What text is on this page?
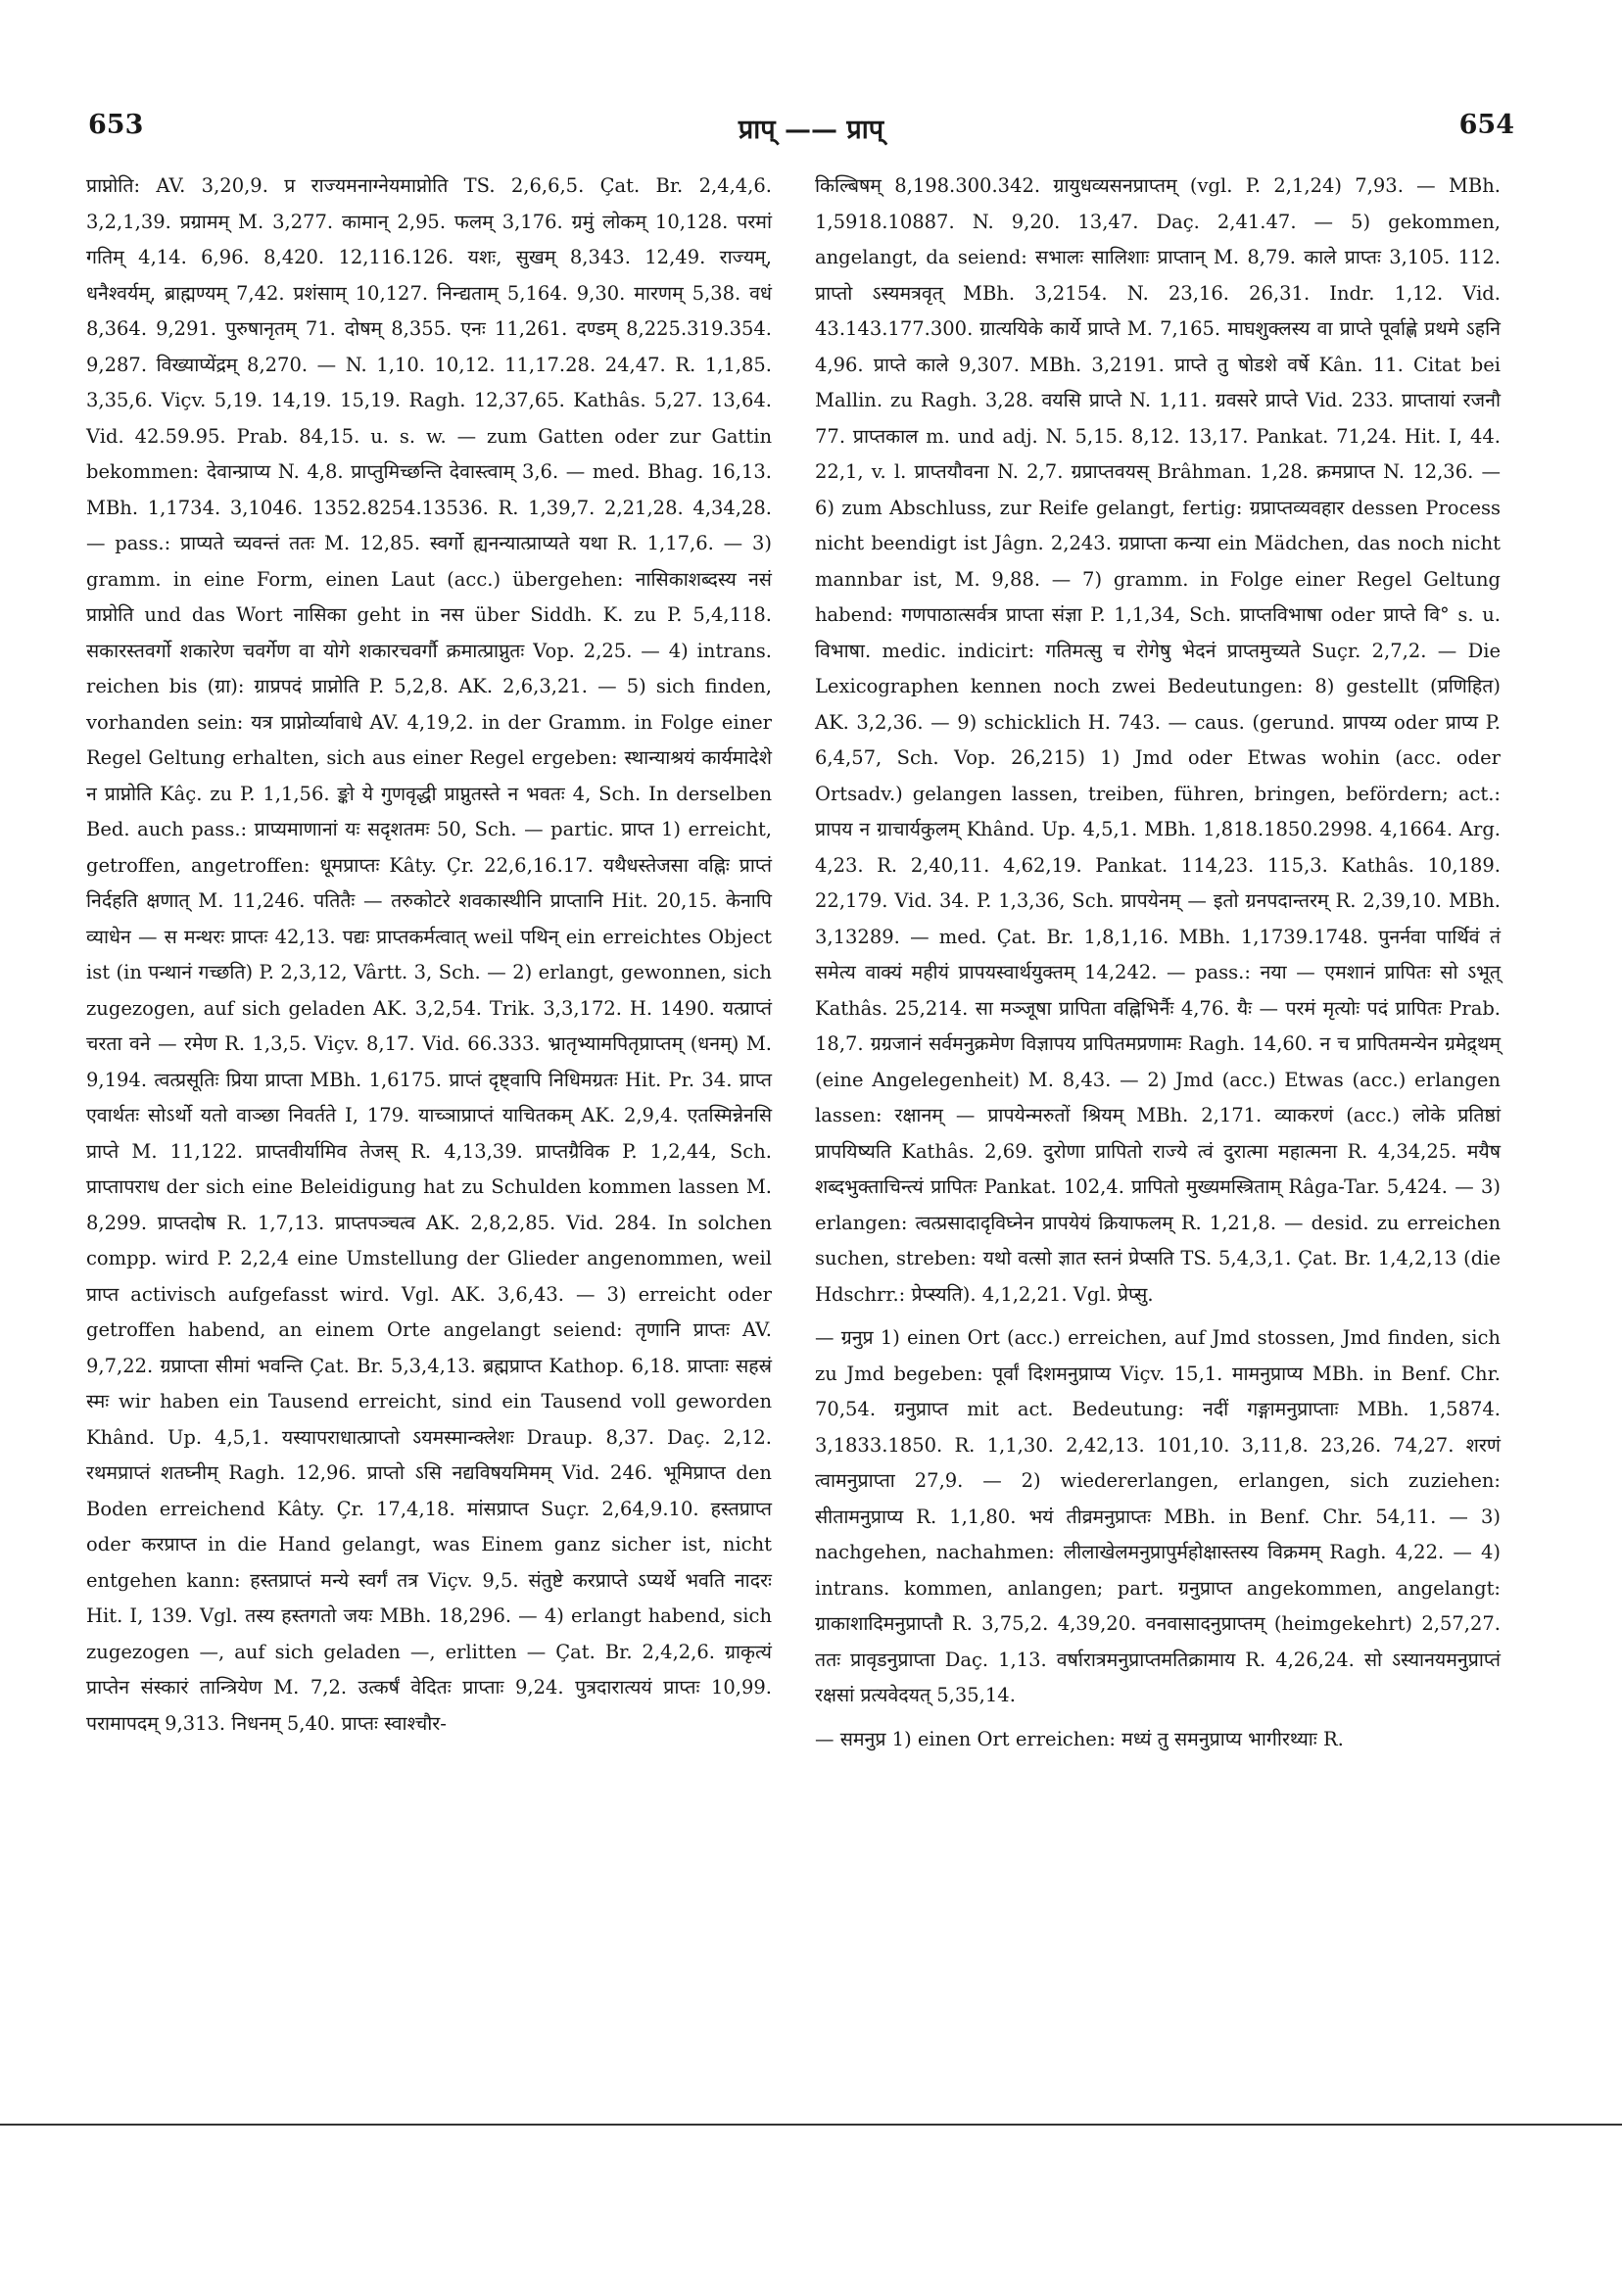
653	प्राप् —— प्राप्	654

प्राप्नोति: AV. 3,20,9. प्र राज्यमनाग्नेयमाप्नोति TS. 2,6,6,5. Çat. Br. 2,4,4,6. 3,2,1,39. प्रग्रामम् M. 3,277. कामान् 2,95. फलम् 3,176. ग्रमुं लोकम् 10,128. परमां गतिम् 4,14. 6,96. 8,420. 12,116.126. यशः, सुखम् 8,343. 12,49. राज्यम्, धनैश्वर्यम्, ब्राह्मण्यम् 7,42. प्रशंसाम् 10,127. निन्द्यताम् 5,164. 9,30. मारणम् 5,38. वधं 8,364. 9,291. पुरुषानृतम् 71. दोषम् 8,355. एनः 11,261. दण्डम् 8,225.319.354. 9,287. विख्याप्येंद्रम् 8,270. — N. 1,10. 10,12. 11,17.28. 24,47. R. 1,1,85. 3,35,6. Viçv. 5,19. 14,19. 15,19. Ragh. 12,37,65. Kathâs. 5,27. 13,64. Vid. 42.59.95. Prab. 84,15. u. s. w. — zum Gatten oder zur Gattin bekommen: देवान्प्राप्य N. 4,8. प्राप्तुमिच्छन्ति देवास्त्वाम् 3,6. — med. Bhag. 16,13. MBh. 1,1734. 3,1046. 1352.8254.13536. R. 1,39,7. 2,21,28. 4,34,28. — pass.: प्राप्यते च्यवन्तं ततः M. 12,85. स्वर्गो ह्यनन्यात्प्राप्यते यथा R. 1,17,6. — 3) gramm. in eine Form, einen Laut (acc.) übergehen: नासिकाशब्दस्य नसं प्राप्नोति und das Wort नासिका geht in नस über Siddh. K. zu P. 5,4,118. सकारस्तवर्गो शकारेण चवर्गेण वा योगे शकारचवर्गौ क्रमात्प्राप्नुतः Vop. 2,25. — 4) intrans. reichen bis (ग्रा): ग्राप्रपदं प्राप्नोति P. 5,2,8. AK. 2,6,3,21. — 5) sich finden, vorhanden sein: यत्र प्राप्नोर्व्यावाधे AV. 4,19,2. in der Gramm. in Folge einer Regel Geltung erhalten, sich aus einer Regel ergeben: स्थान्याश्रयं कार्यमादेशे न प्राप्नोति Kâç. zu P. 1,1,56. ङ्को ये गुणवृद्धी प्राप्नुतस्ते न भवतः 4, Sch. In derselben Bed. auch pass.: प्राप्यमाणानां यः सदृशतमः 50, Sch. — partic. प्राप्त 1) erreicht, getroffen, angetroffen: धूमप्राप्तः Kâty. Çr. 22,6,16.17. यथैधस्तेजसा वह्निः प्राप्तं निर्दहति क्षणात् M. 11,246. पतितैः — तरुकोटरे शवकास्थीनि प्राप्तानि Hit. 20,15. केनापि व्याधेन — स मन्थरः प्राप्तः 42,13. पद्यः प्राप्तकर्मत्वात् weil पथिन् ein erreichtes Object ist (in पन्थानं गच्छति) P. 2,3,12, Vârtt. 3, Sch. — 2) erlangt, gewonnen, sich zugezogen, auf sich geladen AK. 3,2,54. Trik. 3,3,172. H. 1490. यत्प्राप्तं चरता वने — रमेण R. 1,3,5. Viçv. 8,17. Vid. 66.333. भ्रातृभ्यामपितृप्राप्तम् (धनम्) M. 9,194. त्वत्प्रसूतिः प्रिया प्राप्ता MBh. 1,6175. प्राप्तं दृष्ट्वापि निधिमग्रतः Hit. Pr. 34. प्राप्त एवार्थतः सोऽर्थो यतो वाञ्छा निवर्तते I, 179. याच्ञाप्राप्तं याचितकम् AK. 2,9,4. एतस्मिन्नेनसि प्राप्ते M. 11,122. प्राप्तवीर्यामिव तेजस् R. 4,13,39. प्राप्तग्रैविक P. 1,2,44, Sch. प्राप्तापराध der sich eine Beleidigung hat zu Schulden kommen lassen M. 8,299. प्राप्तदोष R. 1,7,13. प्राप्तपञ्चत्व AK. 2,8,2,85. Vid. 284. In solchen compp. wird P. 2,2,4 eine Umstellung der Glieder angenommen, weil प्राप्त activisch aufgefasst wird. Vgl. AK. 3,6,43. — 3) erreicht oder getroffen habend, an einem Orte angelangt seiend: तृणानि प्राप्तः AV. 9,7,22. ग्रप्राप्ता सीमां भवन्ति Çat. Br. 5,3,4,13. ब्रह्मप्राप्त Kathop. 6,18. प्राप्ताः सहस्रं स्मः wir haben ein Tausend erreicht, sind ein Tausend voll geworden Khând. Up. 4,5,1. यस्यापराधात्प्राप्तो ऽयमस्मान्क्लेशः Draup. 8,37. Daç. 2,12. रथमप्राप्तं शतघ्नीम् Ragh. 12,96. प्राप्तो ऽसि नद्यविषयमिमम् Vid. 246. भूमिप्राप्त den Boden erreichend Kâty. Çr. 17,4,18. मांसप्राप्त Suçr. 2,64,9.10. हस्तप्राप्त oder करप्राप्त in die Hand gelangt, was Einem ganz sicher ist, nicht entgehen kann: हस्तप्राप्तं मन्ये स्वर्गं तत्र Viçv. 9,5. संतुष्टे करप्राप्ते ऽप्यर्थे भवति नादरः Hit. I, 139. Vgl. तस्य हस्तगतो जयः MBh. 18,296. — 4) erlangt habend, sich zugezogen —, auf sich geladen —, erlitten — Çat. Br. 2,4,2,6. ग्राकृत्यं प्राप्तेन संस्कारं तान्त्रियेण M. 7,2. उत्कर्षं वेदितः प्राप्ताः 9,24. पुत्रदारात्ययं प्राप्तः 10,99. परामापदम् 9,313. निधनम् 5,40. प्राप्तः स्वाश्चौर-

किल्बिषम् 8,198.300.342. ग्रायुधव्यसनप्राप्तम् (vgl. P. 2,1,24) 7,93. — MBh. 1,5918.10887. N. 9,20. 13,47. Daç. 2,41.47. — 5) gekommen, angelangt, da seiend: सभालः सालिशाः प्राप्तान् M. 8,79. काले प्राप्तः 3,105. 112. प्राप्तो ऽस्यमत्रवृत् MBh. 3,2154. N. 23,16. 26,31. Indr. 1,12. Vid. 43.143.177.300. ग्रात्ययिके कार्ये प्राप्ते M. 7,165. माघशुक्लस्य वा प्राप्ते पूर्वाह्णे प्रथमे ऽहनि 4,96. प्राप्ते काले 9,307. MBh. 3,2191. प्राप्ते तु षोडशे वर्षे Kân. 11. Citat bei Mallin. zu Ragh. 3,28. वयसि प्राप्ते N. 1,11. ग्रवसरे प्राप्ते Vid. 233. प्राप्तायां रजनौ 77. प्राप्तकाल m. und adj. N. 5,15. 8,12. 13,17. Pankat. 71,24. Hit. I, 44. 22,1, v. l. प्राप्तयौवना N. 2,7. ग्रप्राप्तवयस् Brâhman. 1,28. क्रमप्राप्त N. 12,36. — 6) zum Abschluss, zur Reife gelangt, fertig: ग्रप्राप्तव्यवहार dessen Process nicht beendigt ist Jâgn. 2,243. ग्रप्राप्ता कन्या ein Mädchen, das noch nicht mannbar ist, M. 9,88. — 7) gramm. in Folge einer Regel Geltung habend: गणपाठात्सर्वत्र प्राप्ता संज्ञा P. 1,1,34, Sch. प्राप्तविभाषा oder प्राप्ते वि° s. u. विभाषा. medic. indicirt: गतिमत्सु च रोगेषु भेदनं प्राप्तमुच्यते Suçr. 2,7,2. — Die Lexicographen kennen noch zwei Bedeutungen: 8) gestellt (प्रणिहित) AK. 3,2,36. — 9) schicklich H. 743. — caus. (gerund. प्रापय्य oder प्राप्य P. 6,4,57, Sch. Vop. 26,215) 1) Jmd oder Etwas wohin (acc. oder Ortsadv.) gelangen lassen, treiben, führen, bringen, befördern; act.: प्रापय न ग्राचार्यकुलम् Khând. Up. 4,5,1. MBh. 1,818.1850.2998. 4,1664. Arg. 4,23. R. 2,40,11. 4,62,19. Pankat. 114,23. 115,3. Kathâs. 10,189. 22,179. Vid. 34. P. 1,3,36, Sch. प्रापयेनम् — इतो ग्रनपदान्तरम् R. 2,39,10. MBh. 3,13289. — med. Çat. Br. 1,8,1,16. MBh. 1,1739.1748. पुनर्नवा पार्थिवं तं समेत्य वाक्यं महीयं प्रापयस्वार्थयुक्तम् 14,242. — pass.: नया — एमशानं प्रापितः सो ऽभूत् Kathâs. 25,214. सा मञ्जूषा प्रापिता वह्निभिर्नैः 4,76. यैः — परमं मृत्योः पदं प्रापितः Prab. 18,7. ग्रग्रजानं सर्वमनुक्रमेण विज्ञापय प्रापितमप्रणामः Ragh. 14,60. न च प्रापितमन्येन ग्रमेद्र्थम् (eine Angelegenheit) M. 8,43. — 2) Jmd (acc.) Etwas (acc.) erlangen lassen: रक्षानम् — प्रापयेन्मरुतों श्रियम् MBh. 2,171. व्याकरणं (acc.) लोके प्रतिष्ठां प्रापयिष्यति Kathâs. 2,69. दुरोणा प्रापितो राज्ये त्वं दुरात्मा महात्मना R. 4,34,25. मयैष शब्दभुक्ताचिन्त्यं प्रापितः Pankat. 102,4. प्रापितो मुख्यमस्त्रिताम् Râga-Tar. 5,424. — 3) erlangen: त्वत्प्रसादादृविघ्नेन प्रापयेयं क्रियाफलम् R. 1,21,8. — desid. zu erreichen suchen, streben: यथो वत्सो ज्ञात स्तनं प्रेप्सति TS. 5,4,3,1. Çat. Br. 1,4,2,13 (die Hdschrr.: प्रेप्स्यति). 4,1,2,21. Vgl. प्रेप्सु.

— ग्रनुप्र 1) einen Ort (acc.) erreichen, auf Jmd stossen, Jmd finden, sich zu Jmd begeben: पूर्वां दिशमनुप्राप्य Viçv. 15,1. मामनुप्राप्य MBh. in Benf. Chr. 70,54. ग्रनुप्राप्त mit act. Bedeutung: नदीं गङ्गामनुप्राप्ताः MBh. 1,5874. 3,1833.1850. R. 1,1,30. 2,42,13. 101,10. 3,11,8. 23,26. 74,27. शरणं त्वामनुप्राप्ता 27,9. — 2) wiedererlangen, erlangen, sich zuziehen: सीतामनुप्राप्य R. 1,1,80. भयं तीव्रमनुप्राप्तः MBh. in Benf. Chr. 54,11. — 3) nachgehen, nachahmen: लीलाखेलमनुप्रापुर्महोक्षास्तस्य विक्रमम् Ragh. 4,22. — 4) intrans. kommen, anlangen; part. ग्रनुप्राप्त angekommen, angelangt: ग्राकाशादिमनुप्राप्तौ R. 3,75,2. 4,39,20. वनवासादनुप्राप्तम् (heimgekehrt) 2,57,27. ततः प्रावृडनुप्राप्ता Daç. 1,13. वर्षारात्रमनुप्राप्तमतिक्रामाय R. 4,26,24. सो ऽस्यानयमनुप्राप्तं रक्षसां प्रत्यवेदयत् 5,35,14.

— समनुप्र 1) einen Ort erreichen: मध्यं तु समनुप्राप्य भागीरथ्याः R.
